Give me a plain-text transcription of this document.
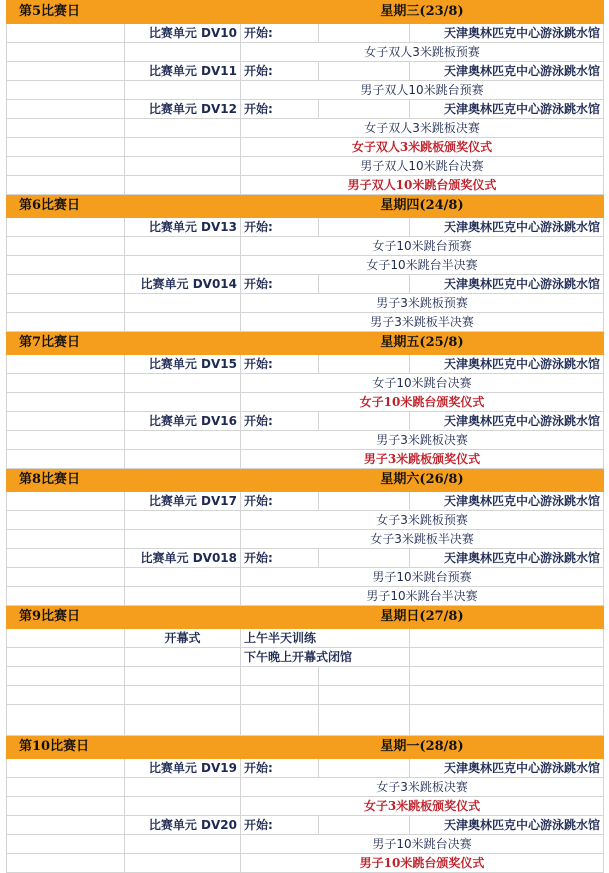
第5比赛日		星期三(23/8)		
	比赛单元 DV10	开始:		天津奥林匹克中心游泳跳水馆
		女子双人3米跳板预赛		
	比赛单元 DV11	开始:		天津奥林匹克中心游泳跳水馆
		男子双人10米跳台预赛		
	比赛单元 DV12	开始:		天津奥林匹克中心游泳跳水馆
		女子双人3米跳板决赛		
		女子双人3米跳板颁奖仪式		
		男子双人10米跳台决赛		
		男子双人10米跳台颁奖仪式		
第6比赛日		星期四(24/8)		
	比赛单元 DV13	开始:		天津奥林匹克中心游泳跳水馆
		女子10米跳台预赛		
		女子10米跳台半决赛		
	比赛单元 DV014	开始:		天津奥林匹克中心游泳跳水馆
		男子3米跳板预赛		
		男子3米跳板半决赛		
第7比赛日		星期五(25/8)		
	比赛单元 DV15	开始:		天津奥林匹克中心游泳跳水馆
		女子10米跳台决赛		
		女子10米跳台颁奖仪式		
	比赛单元 DV16	开始:		天津奥林匹克中心游泳跳水馆
		男子3米跳板决赛		
		男子3米跳板颁奖仪式		
第8比赛日		星期六(26/8)		
	比赛单元 DV17	开始:		天津奥林匹克中心游泳跳水馆
		女子3米跳板预赛		
		女子3米跳板半决赛		
	比赛单元 DV018	开始:		天津奥林匹克中心游泳跳水馆
		男子10米跳台预赛		
		男子10米跳台半决赛		
第9比赛日		星期日(27/8)		
	开幕式	上午半天训练		
		下午晚上开幕式闭馆		

第10比赛日		星期一(28/8)		
	比赛单元 DV19	开始:		天津奥林匹克中心游泳跳水馆
		女子3米跳板决赛		
		女子3米跳板颁奖仪式		
	比赛单元 DV20	开始:		天津奥林匹克中心游泳跳水馆
		男子10米跳台决赛		
		男子10米跳台颁奖仪式		
